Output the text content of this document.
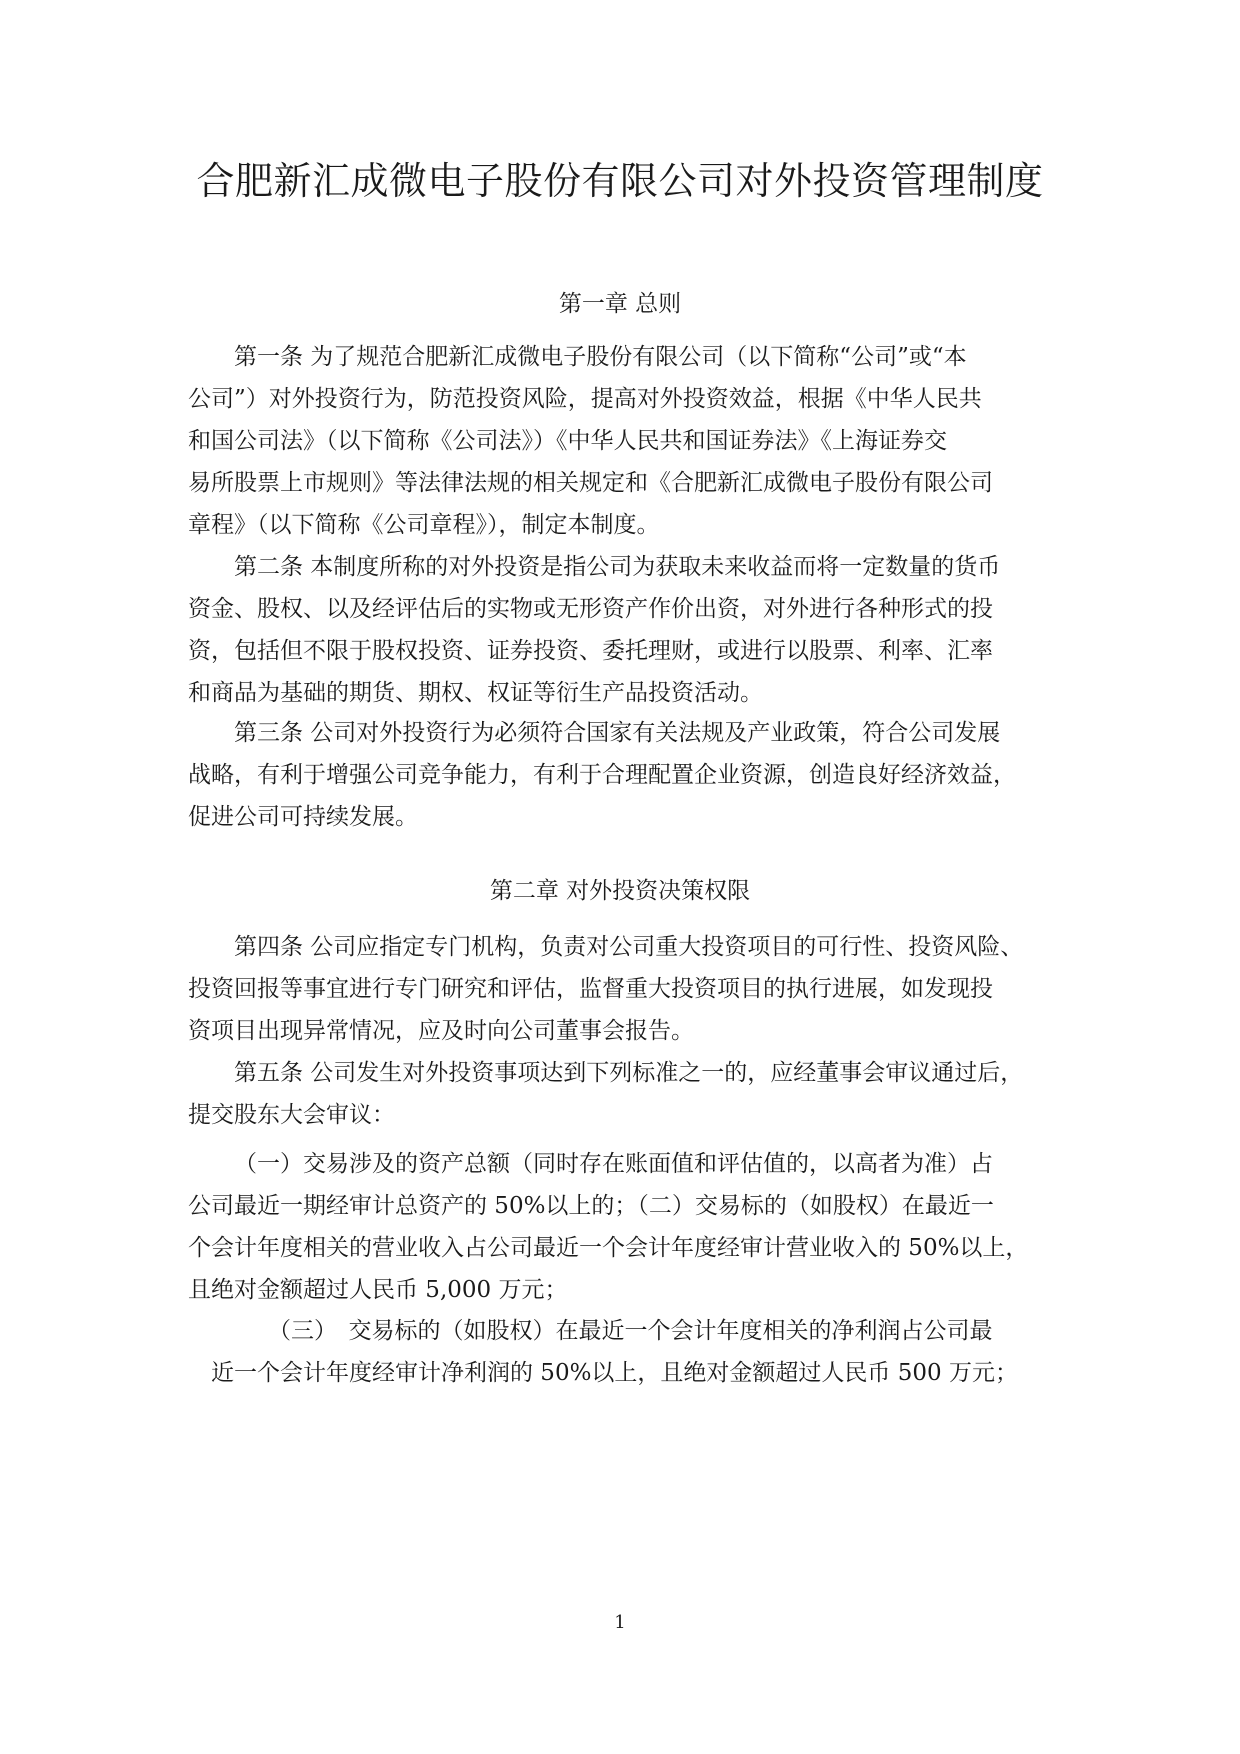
合肥新汇成微电子股份有限公司对外投资管理制度
第一章 总则

第一条 为了规范合肥新汇成微电子股份有限公司（以下简称“公司”或“本
公司”）对外投资行为，防范投资风险，提高对外投资效益，根据《中华人民共
和国公司法》（以下简称《公司法》）《中华人民共和国证券法》《上海证券交
易所股票上市规则》等法律法规的相关规定和《合肥新汇成微电子股份有限公司
章程》（以下简称《公司章程》），制定本制度。

第二条 本制度所称的对外投资是指公司为获取未来收益而将一定数量的货币
资金、股权、以及经评估后的实物或无形资产作价出资，对外进行各种形式的投
资，包括但不限于股权投资、证券投资、委托理财，或进行以股票、利率、汇率
和商品为基础的期货、期权、权证等衍生产品投资活动。

第三条 公司对外投资行为必须符合国家有关法规及产业政策，符合公司发展
战略，有利于增强公司竞争能力，有利于合理配置企业资源，创造良好经济效益，
促进公司可持续发展。

第二章 对外投资决策权限

第四条 公司应指定专门机构，负责对公司重大投资项目的可行性、投资风险、
投资回报等事宜进行专门研究和评估，监督重大投资项目的执行进展，如发现投
资项目出现异常情况，应及时向公司董事会报告。

第五条 公司发生对外投资事项达到下列标准之一的，应经董事会审议通过后，
提交股东大会审议：

（一）交易涉及的资产总额（同时存在账面值和评估值的，以高者为准）占
公司最近一期经审计总资产的 50%以上的；（二）交易标的（如股权）在最近一
个会计年度相关的营业收入占公司最近一个会计年度经审计营业收入的 50%以上，
且绝对金额超过人民币 5,000 万元；

（三）　交易标的（如股权）在最近一个会计年度相关的净利润占公司最
近一个会计年度经审计净利润的 50%以上，且绝对金额超过人民币 500 万元；

1
